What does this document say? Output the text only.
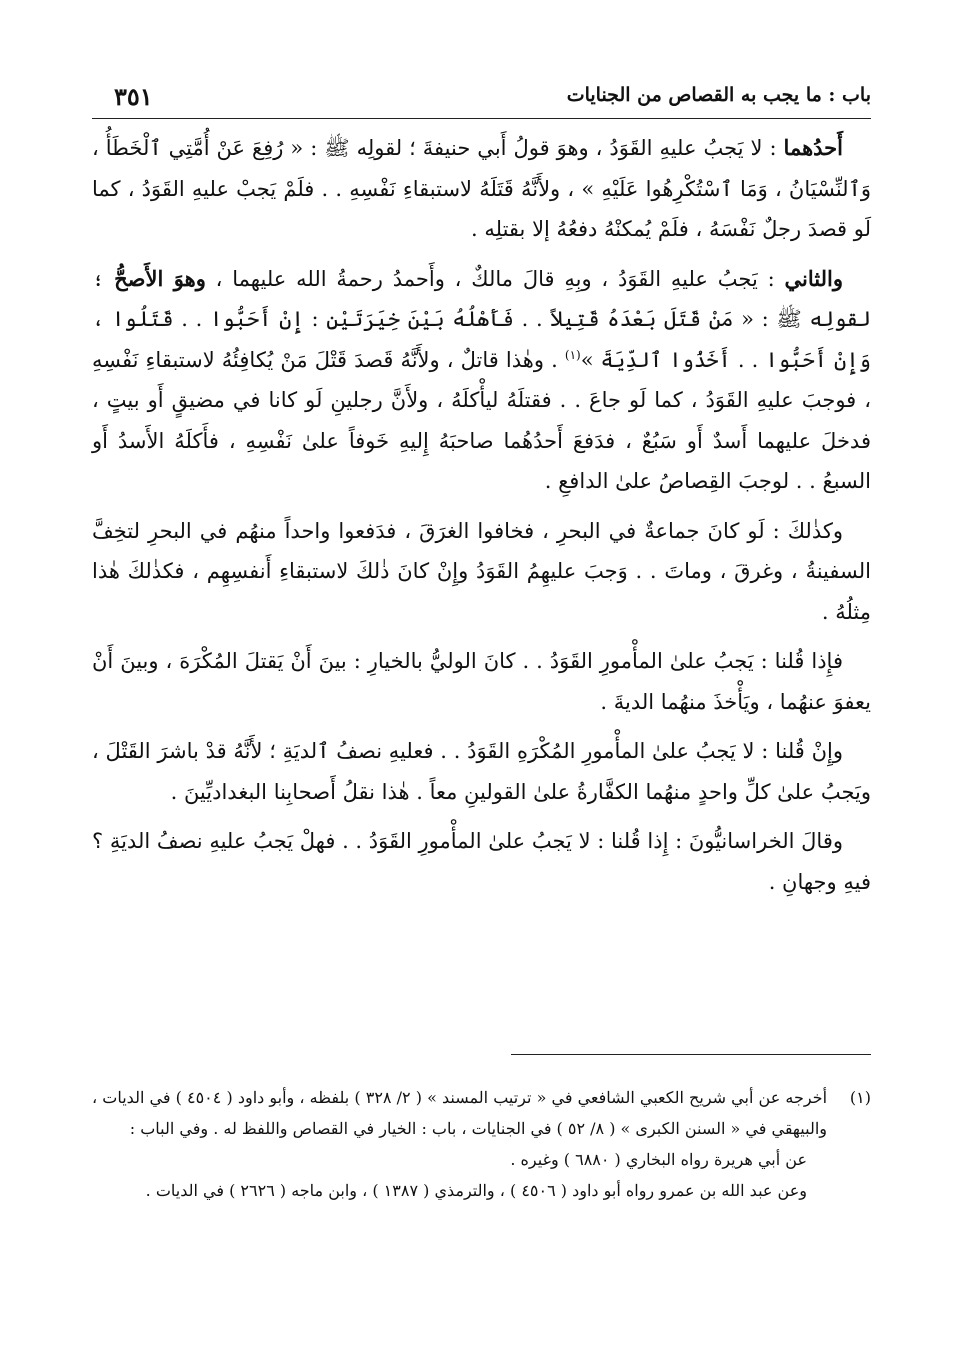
باب : ما يجب به القصاص من الجنايات
٣٥١

أَحدُهما : لا يَجبُ عليهِ القَوَدُ ، وهوَ قولُ أَبي حنيفةَ ؛ لقولِه ﷺ : « رُفِعَ عَنْ أُمَّتِي ٱلْخَطَأُ ، وَٱلنِّسْيَانُ ، وَمَا ٱسْتُكْرِهُوا عَلَيْهِ » ، ولأَنَّهُ قَتَلَهُ لاستبقاءِ نَفْسِهِ . . فلَمْ يَجبْ عليهِ القَوَدُ ، كما لَو قصدَ رجلٌ نَفْسَهُ ، فلَمْ يُمكنْهُ دفعُهُ إلا بقتلِه .

والثاني : يَجبُ عليهِ القَوَدُ ، وبِهِ قالَ مالكٌ ، وأَحمدُ رحمةُ الله عليهما ، وهوَ الأَصحُّ ؛ لقولِه ﷺ : « مَنْ قَتَلَ بَعْدَهُ قَتِيلاً . . فَأَهْلُهُ بَيْنَ خِيَرَتَيْنِ : إِنْ أَحَبُّوا . . قَتَلُوا ، وَإِنْ أَحَبُّوا . . أَخَذُوا ٱلدِّيَةَ »$^{(١)}$ . وهٰذا قاتلٌ ، ولأَنَّهُ قَصدَ قَتْلَ مَنْ يُكافِئُهُ لاستبقاءِ نَفْسِهِ ، فوجبَ عليهِ القَوَدُ ، كما لَو جاعَ . . فقتلَهُ ليأْكلَهُ ، ولأَنَّ رجلينِ لَو كانا في مضيقٍ أَو بيتٍ ، فدخلَ عليهما أَسدٌ أَو سَبُعٌ ، فدَفعَ أَحدُهُما صاحبَهُ إِليهِ خَوفاً علىٰ نَفْسِهِ ، فأَكلَهُ الأَسدُ أَو السبعُ . . لوجبَ القِصاصُ علىٰ الدافعِ .

وكذٰلكَ : لَو كانَ جماعةٌ في البحرِ ، فخافوا الغرَقَ ، فدَفعوا واحداً منهُم في البحرِ لتخِفَّ السفينةُ ، وغرقَ ، وماتَ . . وَجبَ عليهِمُ القَوَدُ وإِنْ كانَ ذٰلكَ لاستبقاءِ أَنفسِهِم ، فكذٰلكَ هٰذا مِثلُهُ .

فإِذا قُلنا : يَجبُ علىٰ المأْمورِ القَوَدُ . . كانَ الوليُّ بالخيارِ : بينَ أَنْ يَقتلَ المُكْرَهَ ، وبينَ أَنْ يعفوَ عنهُما ، ويَأْخذَ منهُما الديةَ .

وإِنْ قُلنا : لا يَجبُ علىٰ المأْمورِ المُكْرَهِ القَوَدُ . . فعليهِ نصفُ ٱلديَةِ ؛ لأَنَّهُ قدْ باشرَ القَتْلَ ، ويَجبُ علىٰ كلِّ واحدٍ منهُما الكفَّارةُ علىٰ القولينِ معاً . هٰذا نقلُ أَصحابِنا البغداديِّينَ .

وقالَ الخراسانيُّونَ : إِذا قُلنا : لا يَجبُ علىٰ المأْمورِ القَوَدُ . . فهلْ يَجبُ عليهِ نصفُ الديَةِ ؟ فيهِ وجهانِ .

(١)

أخرجه عن أبي شريح الكعبي الشافعي في « ترتيب المسند » ( ٢/ ٣٢٨ ) بلفظه ، وأبو داود ( ٤٥٠٤ ) في الديات ، والبيهقي في « السنن الكبرى » ( ٨/ ٥٢ ) في الجنايات ، باب : الخيار في القصاص واللفظ له . وفي الباب :

عن أبي هريرة رواه البخاري ( ٦٨٨٠ ) وغيره .

وعن عبد الله بن عمرو رواه أبو داود ( ٤٥٠٦ ) ، والترمذي ( ١٣٨٧ ) ، وابن ماجه ( ٢٦٢٦ ) في الديات .
